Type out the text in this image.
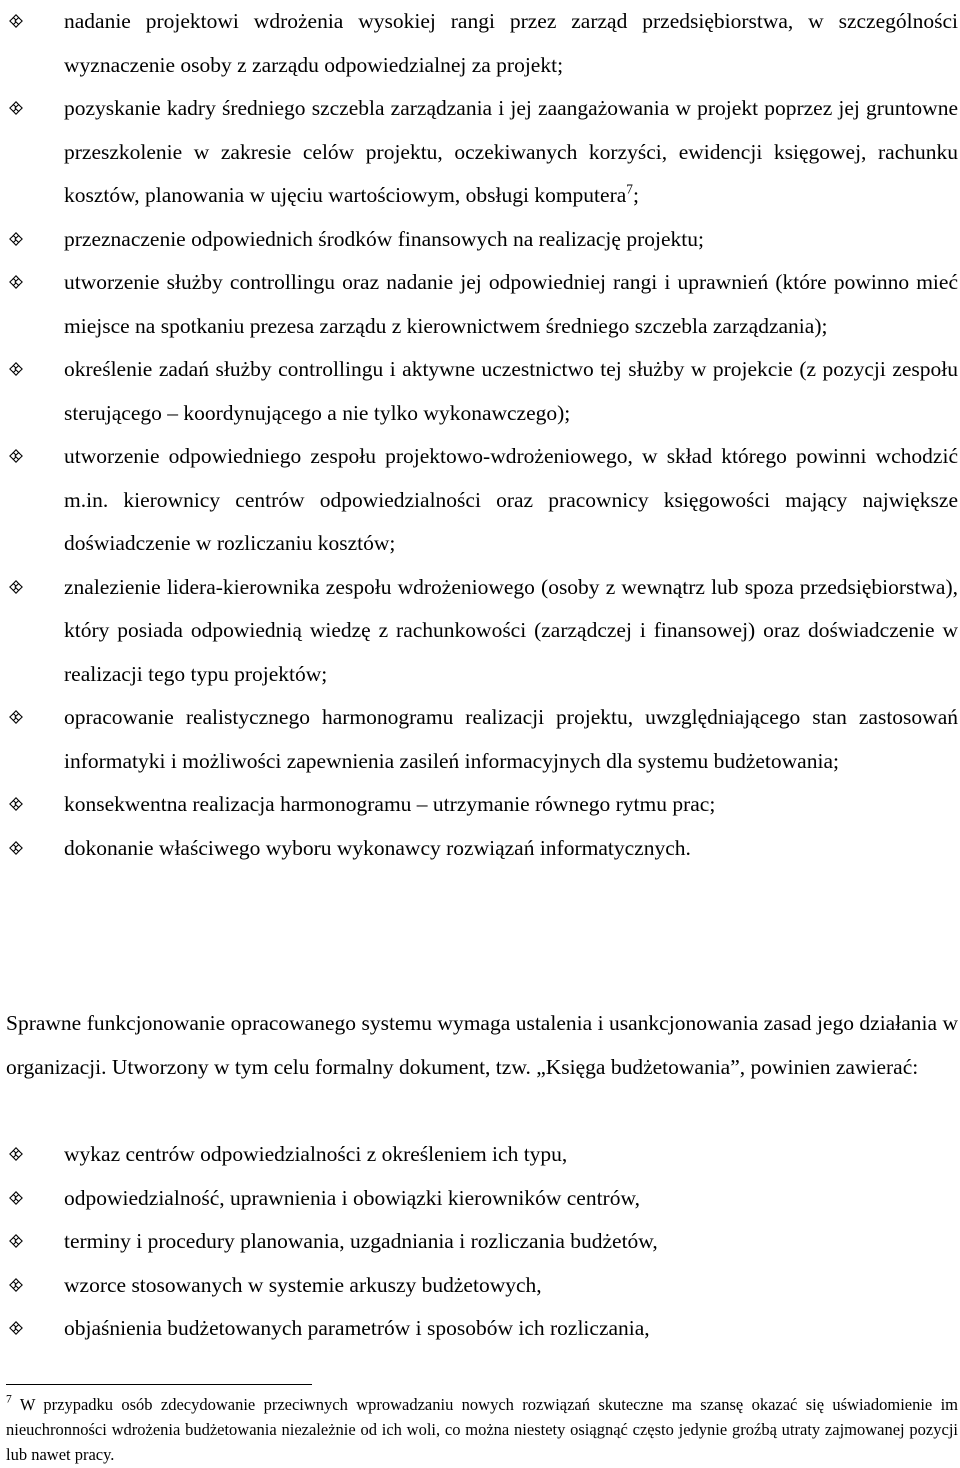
nadanie projektowi wdrożenia wysokiej rangi przez zarząd przedsiębiorstwa, w szczególności wyznaczenie osoby z zarządu odpowiedzialnej za projekt;
pozyskanie kadry średniego szczebla zarządzania i jej zaangażowania w projekt poprzez jej gruntowne przeszkolenie w zakresie celów projektu, oczekiwanych korzyści, ewidencji księgowej, rachunku kosztów, planowania w ujęciu wartościowym, obsługi komputera$^7$;
przeznaczenie odpowiednich środków finansowych na realizację projektu;
utworzenie służby controllingu oraz nadanie jej odpowiedniej rangi i uprawnień (które powinno mieć miejsce na spotkaniu prezesa zarządu z kierownictwem średniego szczebla zarządzania);
określenie zadań służby controllingu i aktywne uczestnictwo tej służby w projekcie (z pozycji zespołu sterującego – koordynującego a nie tylko wykonawczego);
utworzenie odpowiedniego zespołu projektowo-wdrożeniowego, w skład którego powinni wchodzić m.in. kierownicy centrów odpowiedzialności oraz pracownicy księgowości mający największe doświadczenie w rozliczaniu kosztów;
znalezienie lidera-kierownika zespołu wdrożeniowego (osoby z wewnątrz lub spoza przedsiębiorstwa), który posiada odpowiednią wiedzę z rachunkowości (zarządczej i finansowej) oraz doświadczenie w realizacji tego typu projektów;
opracowanie realistycznego harmonogramu realizacji projektu, uwzględniającego stan zastosowań informatyki i możliwości zapewnienia zasileń informacyjnych dla systemu budżetowania;
konsekwentna realizacja harmonogramu – utrzymanie równego rytmu prac;
dokonanie właściwego wyboru wykonawcy rozwiązań informatycznych.

Sprawne funkcjonowanie opracowanego systemu wymaga ustalenia i usankcjonowania zasad jego działania w organizacji. Utworzony w tym celu formalny dokument, tzw. „Księga budżetowania”, powinien zawierać:

wykaz centrów odpowiedzialności z określeniem ich typu,
odpowiedzialność, uprawnienia i obowiązki kierowników centrów,
terminy i procedury planowania, uzgadniania i rozliczania budżetów,
wzorce stosowanych w systemie arkuszy budżetowych,
objaśnienia budżetowanych parametrów i sposobów ich rozliczania,
$^7$ W przypadku osób zdecydowanie przeciwnych wprowadzaniu nowych rozwiązań skuteczne ma szansę okazać się uświadomienie im nieuchronności wdrożenia budżetowania niezależnie od ich woli, co można niestety osiągnąć często jedynie groźbą utraty zajmowanej pozycji lub nawet pracy.
